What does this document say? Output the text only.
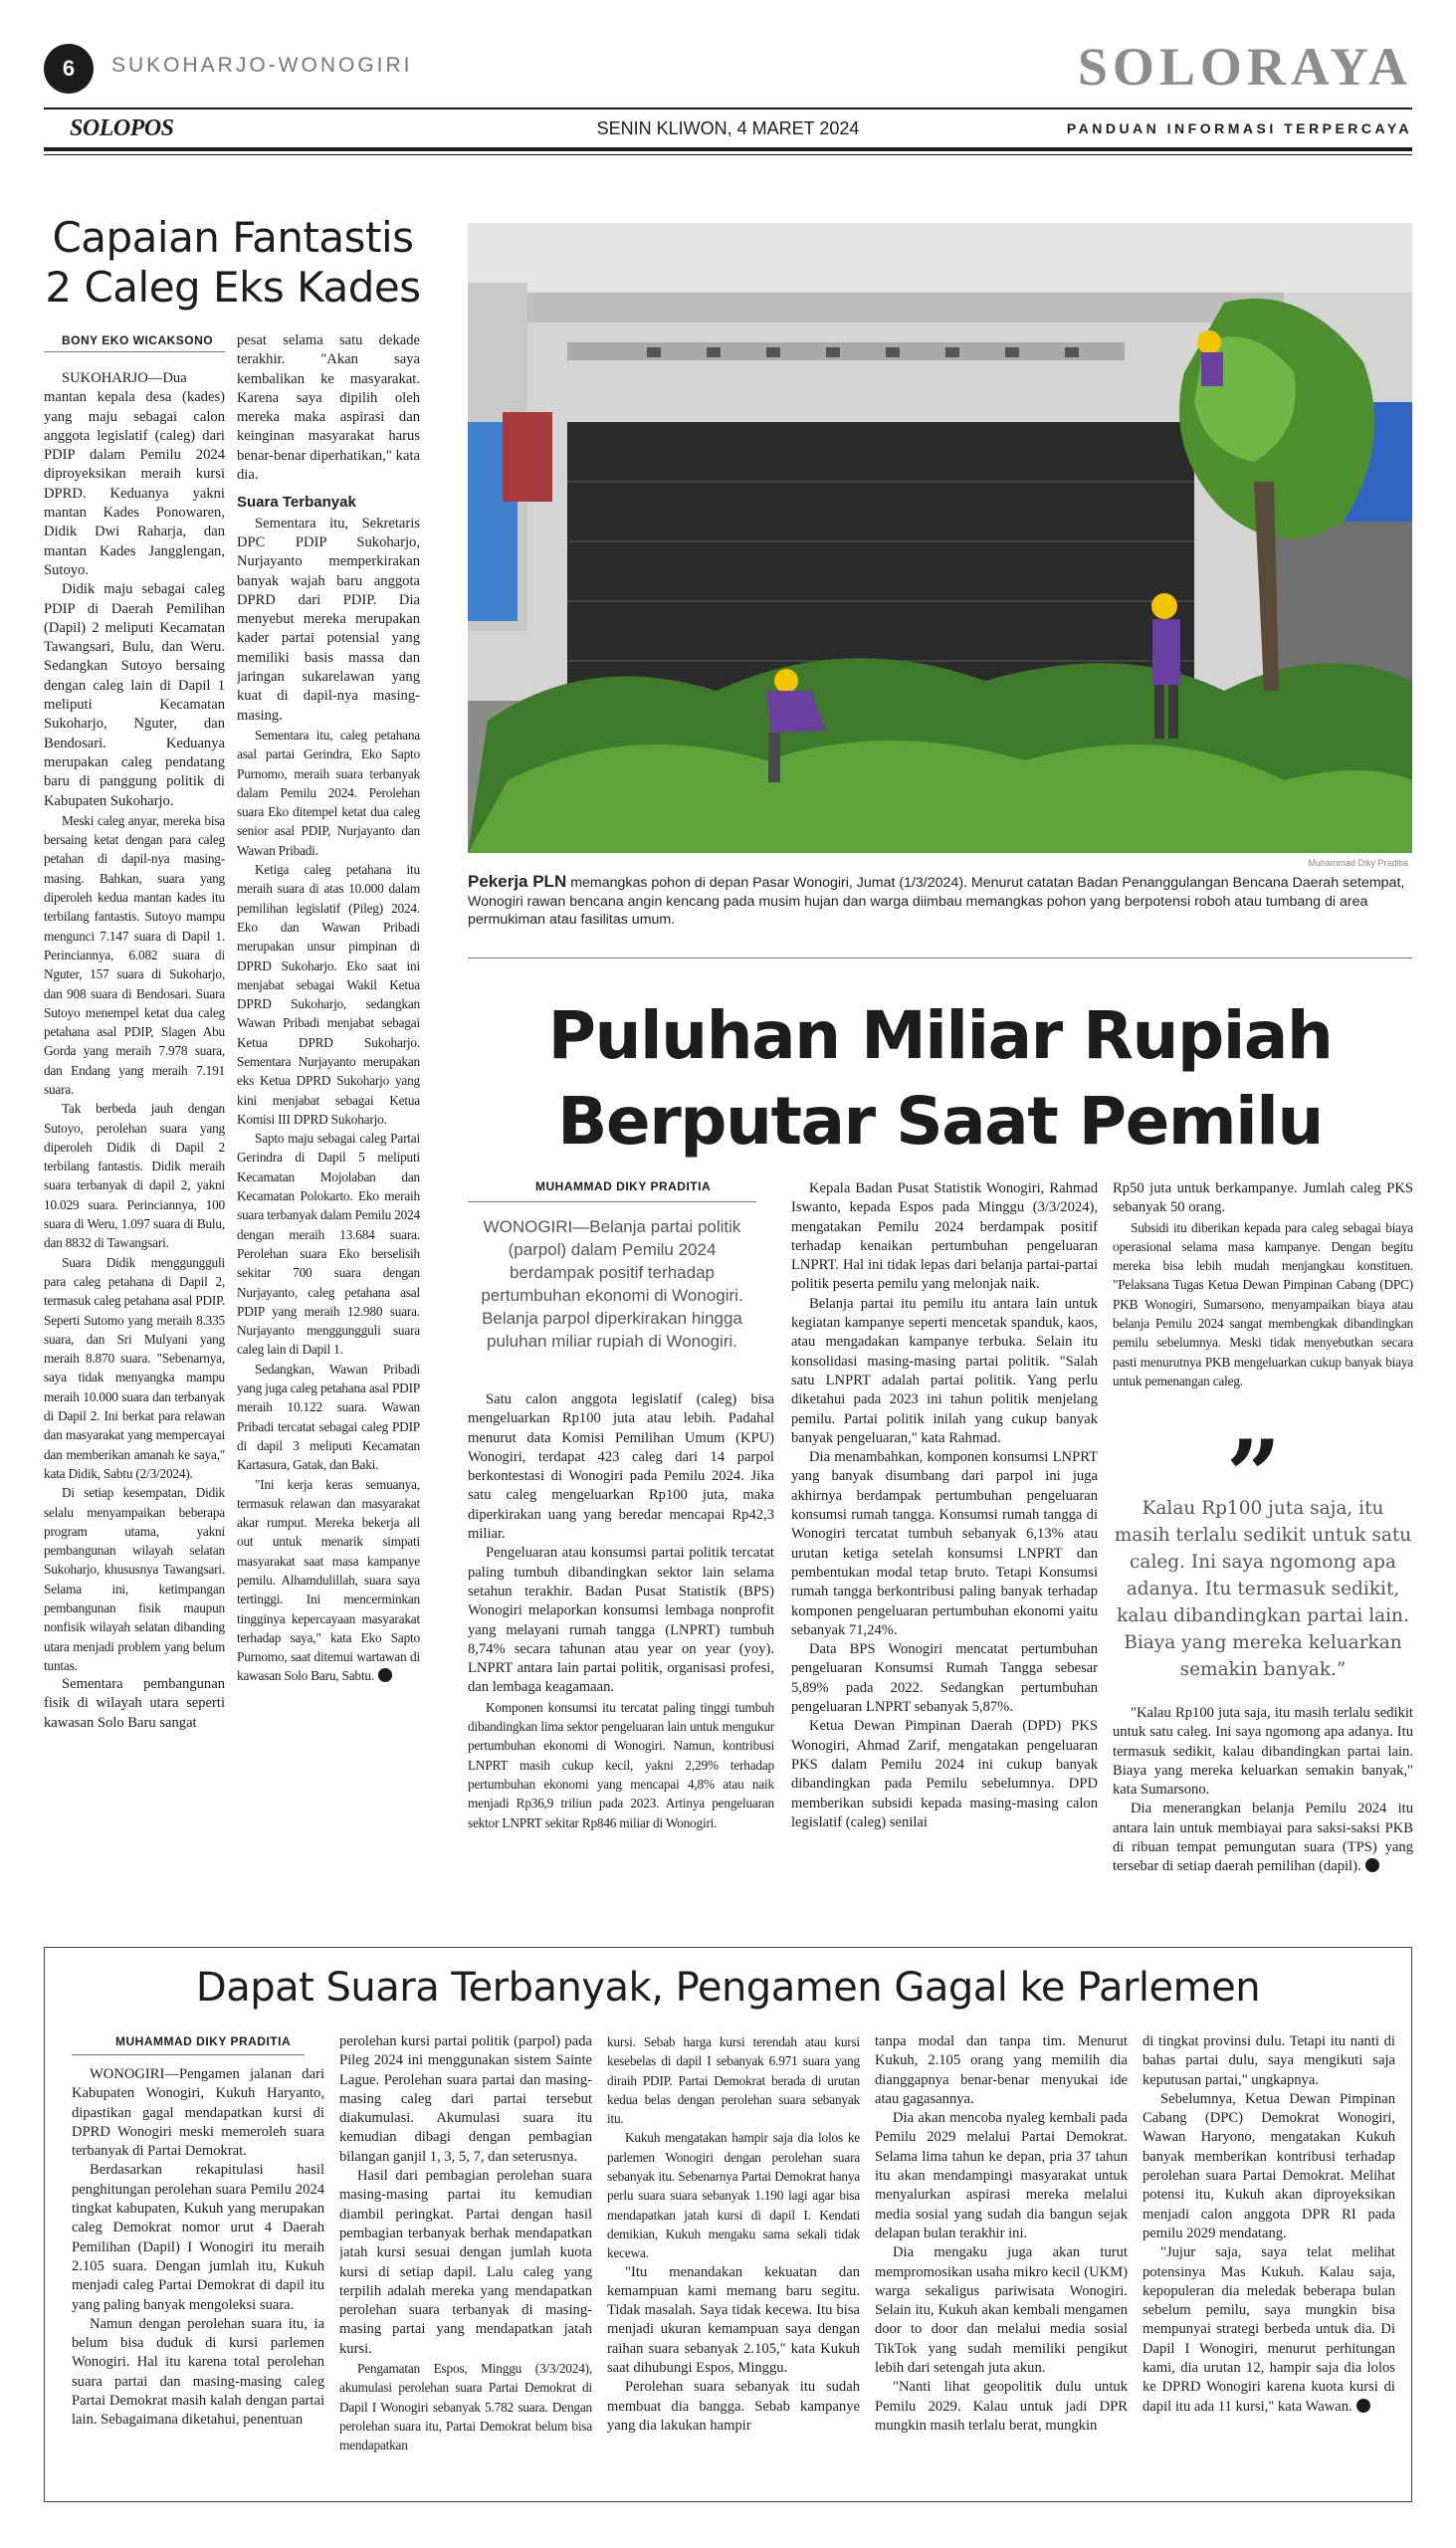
6	SUKOHARJO-WONOGIRI	SOLORAYA
SOLOPOS	SENIN KLIWON, 4 MARET 2024	PANDUAN INFORMASI TERPERCAYA
Capaian Fantastis
2 Caleg Eks Kades
BONY EKO WICAKSONO

SUKOHARJO—Dua mantan kepala desa (kades) yang maju sebagai calon anggota legislatif (caleg) dari PDIP dalam Pemilu 2024 diproyeksikan meraih kursi DPRD. Keduanya yakni mantan Kades Ponowaren, Didik Dwi Raharja, dan mantan Kades Jangglengan, Sutoyo.

Didik maju sebagai caleg PDIP di Daerah Pemilihan (Dapil) 2 meliputi Kecamatan Tawangsari, Bulu, dan Weru. Sedangkan Sutoyo bersaing dengan caleg lain di Dapil 1 meliputi Kecamatan Sukoharjo, Nguter, dan Bendosari. Keduanya merupakan caleg pendatang baru di panggung politik di Kabupaten Sukoharjo.

Meski caleg anyar, mereka bisa bersaing ketat dengan para caleg petahan di dapil-nya masing-masing. Bahkan, suara yang diperoleh kedua mantan kades itu terbilang fantastis. Sutoyo mampu mengunci 7.147 suara di Dapil 1. Perinciannya, 6.082 suara di Nguter, 157 suara di Sukoharjo, dan 908 suara di Bendosari. Suara Sutoyo menempel ketat dua caleg petahana asal PDIP, Slagen Abu Gorda yang meraih 7.978 suara, dan Endang yang meraih 7.191 suara.

Tak berbeda jauh dengan Sutoyo, perolehan suara yang diperoleh Didik di Dapil 2 terbilang fantastis. Didik meraih suara terbanyak di dapil 2, yakni 10.029 suara. Perinciannya, 100 suara di Weru, 1.097 suara di Bulu, dan 8832 di Tawangsari.

Suara Didik menggungguli para caleg petahana di Dapil 2, termasuk caleg petahana asal PDIP. Seperti Sutomo yang meraih 8.335 suara, dan Sri Mulyani yang meraih 8.870 suara. "Sebenarnya, saya tidak menyangka mampu meraih 10.000 suara dan terbanyak di Dapil 2. Ini berkat para relawan dan masyarakat yang mempercayai dan memberikan amanah ke saya," kata Didik, Sabtu (2/3/2024).

Di setiap kesempatan, Didik selalu menyampaikan beberapa program utama, yakni pembangunan wilayah selatan Sukoharjo, khususnya Tawangsari. Selama ini, ketimpangan pembangunan fisik maupun nonfisik wilayah selatan dibanding utara menjadi problem yang belum tuntas.

Sementara pembangunan fisik di wilayah utara seperti kawasan Solo Baru sangat

pesat selama satu dekade terakhir. "Akan saya kembalikan ke masyarakat. Karena saya dipilih oleh mereka maka aspirasi dan keinginan masyarakat harus benar-benar diperhatikan," kata dia.

Suara Terbanyak

Sementara itu, Sekretaris DPC PDIP Sukoharjo, Nurjayanto memperkirakan banyak wajah baru anggota DPRD dari PDIP. Dia menyebut mereka merupakan kader partai potensial yang memiliki basis massa dan jaringan sukarelawan yang kuat di dapil-nya masing-masing.

Sementara itu, caleg petahana asal partai Gerindra, Eko Sapto Purnomo, meraih suara terbanyak dalam Pemilu 2024. Perolehan suara Eko ditempel ketat dua caleg senior asal PDIP, Nurjayanto dan Wawan Pribadi.

Ketiga caleg petahana itu meraih suara di atas 10.000 dalam pemilihan legislatif (Pileg) 2024. Eko dan Wawan Pribadi merupakan unsur pimpinan di DPRD Sukoharjo. Eko saat ini menjabat sebagai Wakil Ketua DPRD Sukoharjo, sedangkan Wawan Pribadi menjabat sebagai Ketua DPRD Sukoharjo. Sementara Nurjayanto merupakan eks Ketua DPRD Sukoharjo yang kini menjabat sebagai Ketua Komisi III DPRD Sukoharjo.

Sapto maju sebagai caleg Partai Gerindra di Dapil 5 meliputi Kecamatan Mojolaban dan Kecamatan Polokarto. Eko meraih suara terbanyak dalam Pemilu 2024 dengan meraih 13.684 suara. Perolehan suara Eko berselisih sekitar 700 suara dengan Nurjayanto, caleg petahana asal PDIP yang meraih 12.980 suara. Nurjayanto menggungguli suara caleg lain di Dapil 1.

Sedangkan, Wawan Pribadi yang juga caleg petahana asal PDIP meraih 10.122 suara. Wawan Pribadi tercatat sebagai caleg PDIP di dapil 3 meliputi Kecamatan Kartasura, Gatak, dan Baki.

"Ini kerja keras semuanya, termasuk relawan dan masyarakat akar rumput. Mereka bekerja all out untuk menarik simpati masyarakat saat masa kampanye pemilu. Alhamdulillah, suara saya tertinggi. Ini mencerminkan tingginya kepercayaan masyarakat terhadap saya," kata Eko Sapto Purnomo, saat ditemui wartawan di kawasan Solo Baru, Sabtu.

Muhammad Diky Praditia
Pekerja PLN memangkas pohon di depan Pasar Wonogiri, Jumat (1/3/2024). Menurut catatan Badan Penanggulangan Bencana Daerah setempat, Wonogiri rawan bencana angin kencang pada musim hujan dan warga diimbau memangkas pohon yang berpotensi roboh atau tumbang di area permukiman atau fasilitas umum.
Puluhan Miliar Rupiah
Berputar Saat Pemilu
MUHAMMAD DIKY PRADITIA
WONOGIRI—Belanja partai politik (parpol) dalam Pemilu 2024 berdampak positif terhadap pertumbuhan ekonomi di Wonogiri. Belanja parpol diperkirakan hingga puluhan miliar rupiah di Wonogiri.

Satu calon anggota legislatif (caleg) bisa mengeluarkan Rp100 juta atau lebih. Padahal menurut data Komisi Pemilihan Umum (KPU) Wonogiri, terdapat 423 caleg dari 14 parpol berkontestasi di Wonogiri pada Pemilu 2024. Jika satu caleg mengeluarkan Rp100 juta, maka diperkirakan uang yang beredar mencapai Rp42,3 miliar.

Pengeluaran atau konsumsi partai politik tercatat paling tumbuh dibandingkan sektor lain selama setahun terakhir. Badan Pusat Statistik (BPS) Wonogiri melaporkan konsumsi lembaga nonprofit yang melayani rumah tangga (LNPRT) tumbuh 8,74% secara tahunan atau year on year (yoy). LNPRT antara lain partai politik, organisasi profesi, dan lembaga keagamaan.

Komponen konsumsi itu tercatat paling tinggi tumbuh dibandingkan lima sektor pengeluaran lain untuk mengukur pertumbuhan ekonomi di Wonogiri. Namun, kontribusi LNPRT masih cukup kecil, yakni 2,29% terhadap pertumbuhan ekonomi yang mencapai 4,8% atau naik menjadi Rp36,9 triliun pada 2023. Artinya pengeluaran sektor LNPRT sekitar Rp846 miliar di Wonogiri.

Kepala Badan Pusat Statistik Wonogiri, Rahmad Iswanto, kepada Espos pada Minggu (3/3/2024), mengatakan Pemilu 2024 berdampak positif terhadap kenaikan pertumbuhan pengeluaran LNPRT. Hal ini tidak lepas dari belanja partai-partai politik peserta pemilu yang melonjak naik.

Belanja partai itu pemilu itu antara lain untuk kegiatan kampanye seperti mencetak spanduk, kaos, atau mengadakan kampanye terbuka. Selain itu konsolidasi masing-masing partai politik. "Salah satu LNPRT adalah partai politik. Yang perlu diketahui pada 2023 ini tahun politik menjelang pemilu. Partai politik inilah yang cukup banyak banyak pengeluaran," kata Rahmad.

Dia menambahkan, komponen konsumsi LNPRT yang banyak disumbang dari parpol ini juga akhirnya berdampak pertumbuhan pengeluaran konsumsi rumah tangga. Konsumsi rumah tangga di Wonogiri tercatat tumbuh sebanyak 6,13% atau urutan ketiga setelah konsumsi LNPRT dan pembentukan modal tetap bruto. Tetapi Konsumsi rumah tangga berkontribusi paling banyak terhadap komponen pengeluaran pertumbuhan ekonomi yaitu sebanyak 71,24%.

Data BPS Wonogiri mencatat pertumbuhan pengeluaran Konsumsi Rumah Tangga sebesar 5,89% pada 2022. Sedangkan pertumbuhan pengeluaran LNPRT sebanyak 5,87%.

Ketua Dewan Pimpinan Daerah (DPD) PKS Wonogiri, Ahmad Zarif, mengatakan pengeluaran PKS dalam Pemilu 2024 ini cukup banyak dibandingkan pada Pemilu sebelumnya. DPD memberikan subsidi kepada masing-masing calon legislatif (caleg) senilai

Rp50 juta untuk berkampanye. Jumlah caleg PKS sebanyak 50 orang.

Subsidi itu diberikan kepada para caleg sebagai biaya operasional selama masa kampanye. Dengan begitu mereka bisa lebih mudah menjangkau konstituen. "Pelaksana Tugas Ketua Dewan Pimpinan Cabang (DPC) PKB Wonogiri, Sumarsono, menyampaikan biaya atau belanja Pemilu 2024 sangat membengkak dibandingkan pemilu sebelumnya. Meski tidak menyebutkan secara pasti menurutnya PKB mengeluarkan cukup banyak biaya untuk pemenangan caleg.

”
Kalau Rp100 juta saja, itu masih terlalu sedikit untuk satu caleg. Ini saya ngomong apa adanya. Itu termasuk sedikit, kalau dibandingkan partai lain. Biaya yang mereka keluarkan semakin banyak.”

"Kalau Rp100 juta saja, itu masih terlalu sedikit untuk satu caleg. Ini saya ngomong apa adanya. Itu termasuk sedikit, kalau dibandingkan partai lain. Biaya yang mereka keluarkan semakin banyak," kata Sumarsono.

Dia menerangkan belanja Pemilu 2024 itu antara lain untuk membiayai para saksi-saksi PKB di ribuan tempat pemungutan suara (TPS) yang tersebar di setiap daerah pemilihan (dapil).

Dapat Suara Terbanyak, Pengamen Gagal ke Parlemen
MUHAMMAD DIKY PRADITIA

WONOGIRI—Pengamen jalanan dari Kabupaten Wonogiri, Kukuh Haryanto, dipastikan gagal mendapatkan kursi di DPRD Wonogiri meski memeroleh suara terbanyak di Partai Demokrat.

Berdasarkan rekapitulasi hasil penghitungan perolehan suara Pemilu 2024 tingkat kabupaten, Kukuh yang merupakan caleg Demokrat nomor urut 4 Daerah Pemilihan (Dapil) I Wonogiri itu meraih 2.105 suara. Dengan jumlah itu, Kukuh menjadi caleg Partai Demokrat di dapil itu yang paling banyak mengoleksi suara.

Namun dengan perolehan suara itu, ia belum bisa duduk di kursi parlemen Wonogiri. Hal itu karena total perolehan suara partai dan masing-masing caleg Partai Demokrat masih kalah dengan partai lain. Sebagaimana diketahui, penentuan

perolehan kursi partai politik (parpol) pada Pileg 2024 ini menggunakan sistem Sainte Lague. Perolehan suara partai dan masing-masing caleg dari partai tersebut diakumulasi. Akumulasi suara itu kemudian dibagi dengan pembagian bilangan ganjil 1, 3, 5, 7, dan seterusnya.

Hasil dari pembagian perolehan suara masing-masing partai itu kemudian diambil peringkat. Partai dengan hasil pembagian terbanyak berhak mendapatkan jatah kursi sesuai dengan jumlah kuota kursi di setiap dapil. Lalu caleg yang terpilih adalah mereka yang mendapatkan perolehan suara terbanyak di masing-masing partai yang mendapatkan jatah kursi.

Pengamatan Espos, Minggu (3/3/2024), akumulasi perolehan suara Partai Demokrat di Dapil I Wonogiri sebanyak 5.782 suara. Dengan perolehan suara itu, Partai Demokrat belum bisa mendapatkan

kursi. Sebab harga kursi terendah atau kursi kesebelas di dapil I sebanyak 6.971 suara yang diraih PDIP. Partai Demokrat berada di urutan kedua belas dengan perolehan suara sebanyak itu.

Kukuh mengatakan hampir saja dia lolos ke parlemen Wonogiri dengan perolehan suara sebanyak itu. Sebenarnya Partai Demokrat hanya perlu suara suara sebanyak 1.190 lagi agar bisa mendapatkan jatah kursi di dapil I. Kendati demikian, Kukuh mengaku sama sekali tidak kecewa.

"Itu menandakan kekuatan dan kemampuan kami memang baru segitu. Tidak masalah. Saya tidak kecewa. Itu bisa menjadi ukuran kemampuan saya dengan raihan suara sebanyak 2.105," kata Kukuh saat dihubungi Espos, Minggu.

Perolehan suara sebanyak itu sudah membuat dia bangga. Sebab kampanye yang dia lakukan hampir

tanpa modal dan tanpa tim. Menurut Kukuh, 2.105 orang yang memilih dia dianggapnya benar-benar menyukai ide atau gagasannya.

Dia akan mencoba nyaleg kembali pada Pemilu 2029 melalui Partai Demokrat. Selama lima tahun ke depan, pria 37 tahun itu akan mendampingi masyarakat untuk menyalurkan aspirasi mereka melalui media sosial yang sudah dia bangun sejak delapan bulan terakhir ini.

Dia mengaku juga akan turut mempromosikan usaha mikro kecil (UKM) warga sekaligus pariwisata Wonogiri. Selain itu, Kukuh akan kembali mengamen door to door dan melalui media sosial TikTok yang sudah memiliki pengikut lebih dari setengah juta akun.

"Nanti lihat geopolitik dulu untuk Pemilu 2029. Kalau untuk jadi DPR mungkin masih terlalu berat, mungkin

di tingkat provinsi dulu. Tetapi itu nanti di bahas partai dulu, saya mengikuti saja keputusan partai," ungkapnya.

Sebelumnya, Ketua Dewan Pimpinan Cabang (DPC) Demokrat Wonogiri, Wawan Haryono, mengatakan Kukuh banyak memberikan kontribusi terhadap perolehan suara Partai Demokrat. Melihat potensi itu, Kukuh akan diproyeksikan menjadi calon anggota DPR RI pada pemilu 2029 mendatang.

"Jujur saja, saya telat melihat potensinya Mas Kukuh. Kalau saja, kepopuleran dia meledak beberapa bulan sebelum pemilu, saya mungkin bisa mempunyai strategi berbeda untuk dia. Di Dapil I Wonogiri, menurut perhitungan kami, dia urutan 12, hampir saja dia lolos ke DPRD Wonogiri karena kuota kursi di dapil itu ada 11 kursi," kata Wawan.
